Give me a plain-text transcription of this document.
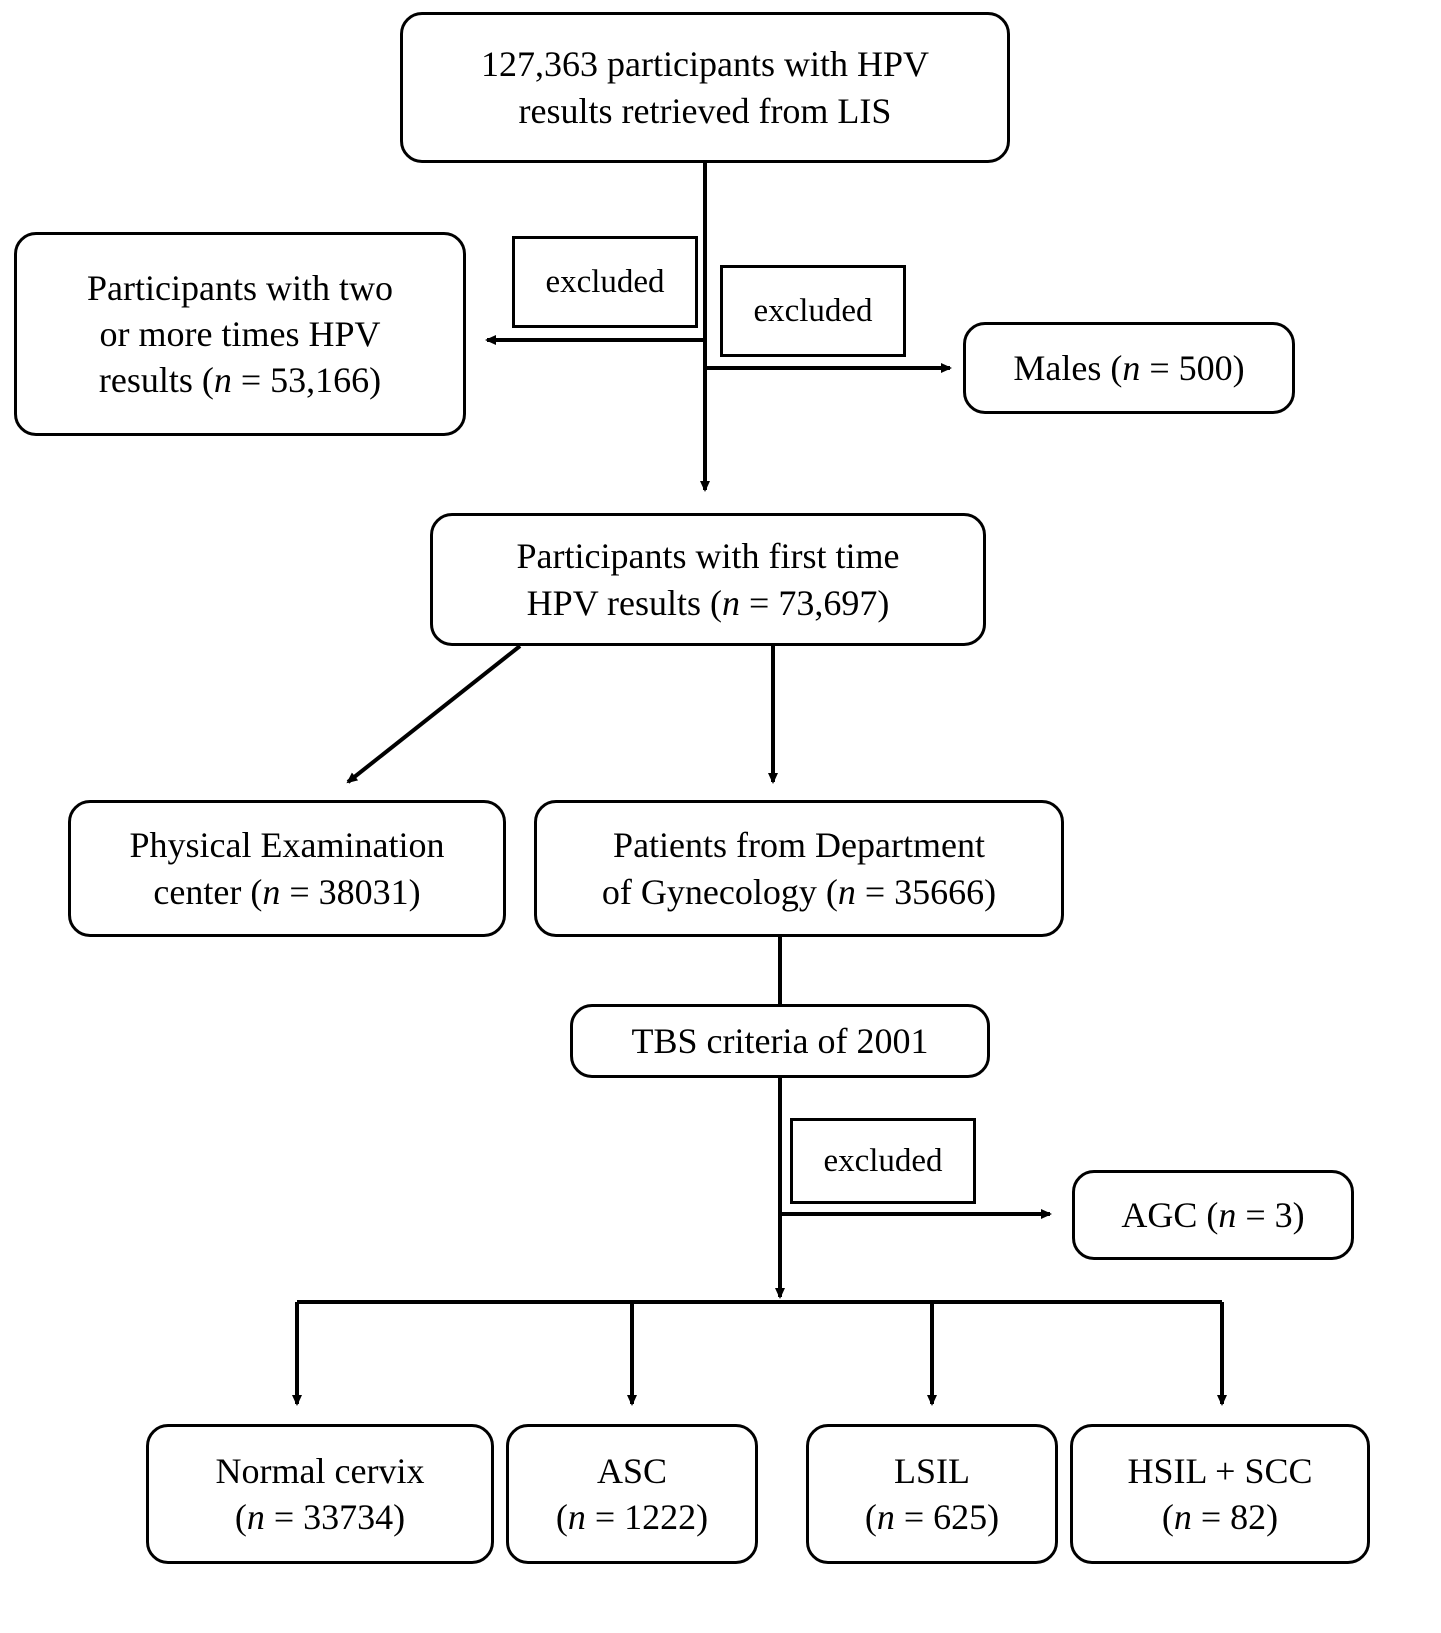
127,363 participants with HPV
results retrieved from LIS
Participants with two
or more times HPV
results (n = 53,166)
excluded
excluded
Males (n = 500)
Participants with first time
HPV results (n = 73,697)
Physical Examination
center (n = 38031)
Patients from Department
of Gynecology (n = 35666)
TBS criteria of 2001
excluded
AGC (n = 3)
Normal cervix
(n = 33734)
ASC
(n = 1222)
LSIL
(n = 625)
HSIL + SCC
(n = 82)
